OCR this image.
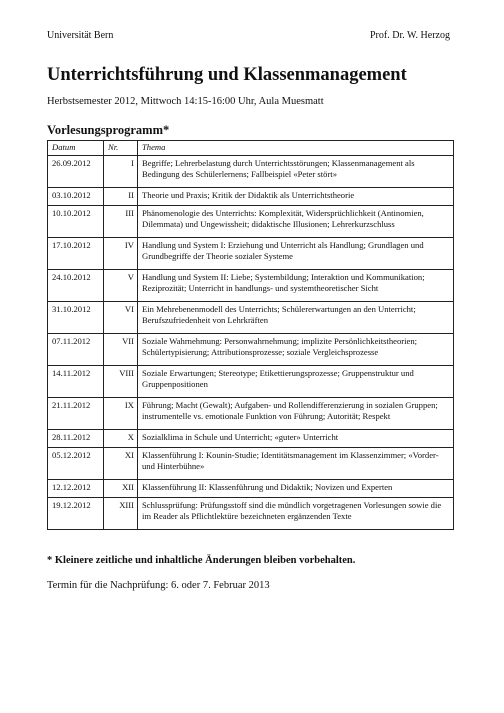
Universität Bern	Prof. Dr. W. Herzog
Unterrichtsführung und Klassenmanagement
Herbstsemester 2012, Mittwoch 14:15-16:00 Uhr, Aula Muesmatt
Vorlesungsprogramm*
Datum	Nr.	Thema
26.09.2012	I	Begriffe; Lehrerbelastung durch Unterrichtsstörungen; Klassenmanagement als Bedingung des Schülerlernens; Fallbeispiel «Peter stört»
03.10.2012	II	Theorie und Praxis; Kritik der Didaktik als Unterrichtstheorie
10.10.2012	III	Phänomenologie des Unterrichts: Komplexität, Widersprüchlichkeit (Antinomien, Dilemmata) und Ungewissheit; didaktische Illusionen; Lehrerkurzschluss
17.10.2012	IV	Handlung und System I: Erziehung und Unterricht als Handlung; Grundlagen und Grundbegriffe der Theorie sozialer Systeme
24.10.2012	V	Handlung und System II: Liebe; Systembildung; Interaktion und Kommunikation; Reziprozität; Unterricht in handlungs- und systemtheoretischer Sicht
31.10.2012	VI	Ein Mehrebenenmodell des Unterrichts; Schülererwartungen an den Unterricht; Berufszufriedenheit von Lehrkräften
07.11.2012	VII	Soziale Wahrnehmung: Personwahrnehmung; implizite Persönlichkeitstheorien; Schülertypisierung; Attributionsprozesse; soziale Vergleichsprozesse
14.11.2012	VIII	Soziale Erwartungen; Stereotype; Etikettierungsprozesse; Gruppenstruktur und Gruppenpositionen
21.11.2012	IX	Führung; Macht (Gewalt); Aufgaben- und Rollendifferenzierung in sozialen Gruppen; instrumentelle vs. emotionale Funktion von Führung; Autorität; Respekt
28.11.2012	X	Sozialklima in Schule und Unterricht; «guter» Unterricht
05.12.2012	XI	Klassenführung I: Kounin-Studie; Identitätsmanagement im Klassenzimmer; «Vorder- und Hinterbühne»
12.12.2012	XII	Klassenführung II: Klassenführung und Didaktik; Novizen und Experten
19.12.2012	XIII	Schlussprüfung: Prüfungsstoff sind die mündlich vorgetragenen Vorlesungen sowie die im Reader als Pflichtlektüre bezeichneten ergänzenden Texte
* Kleinere zeitliche und inhaltliche Änderungen bleiben vorbehalten.
Termin für die Nachprüfung: 6. oder 7. Februar 2013
